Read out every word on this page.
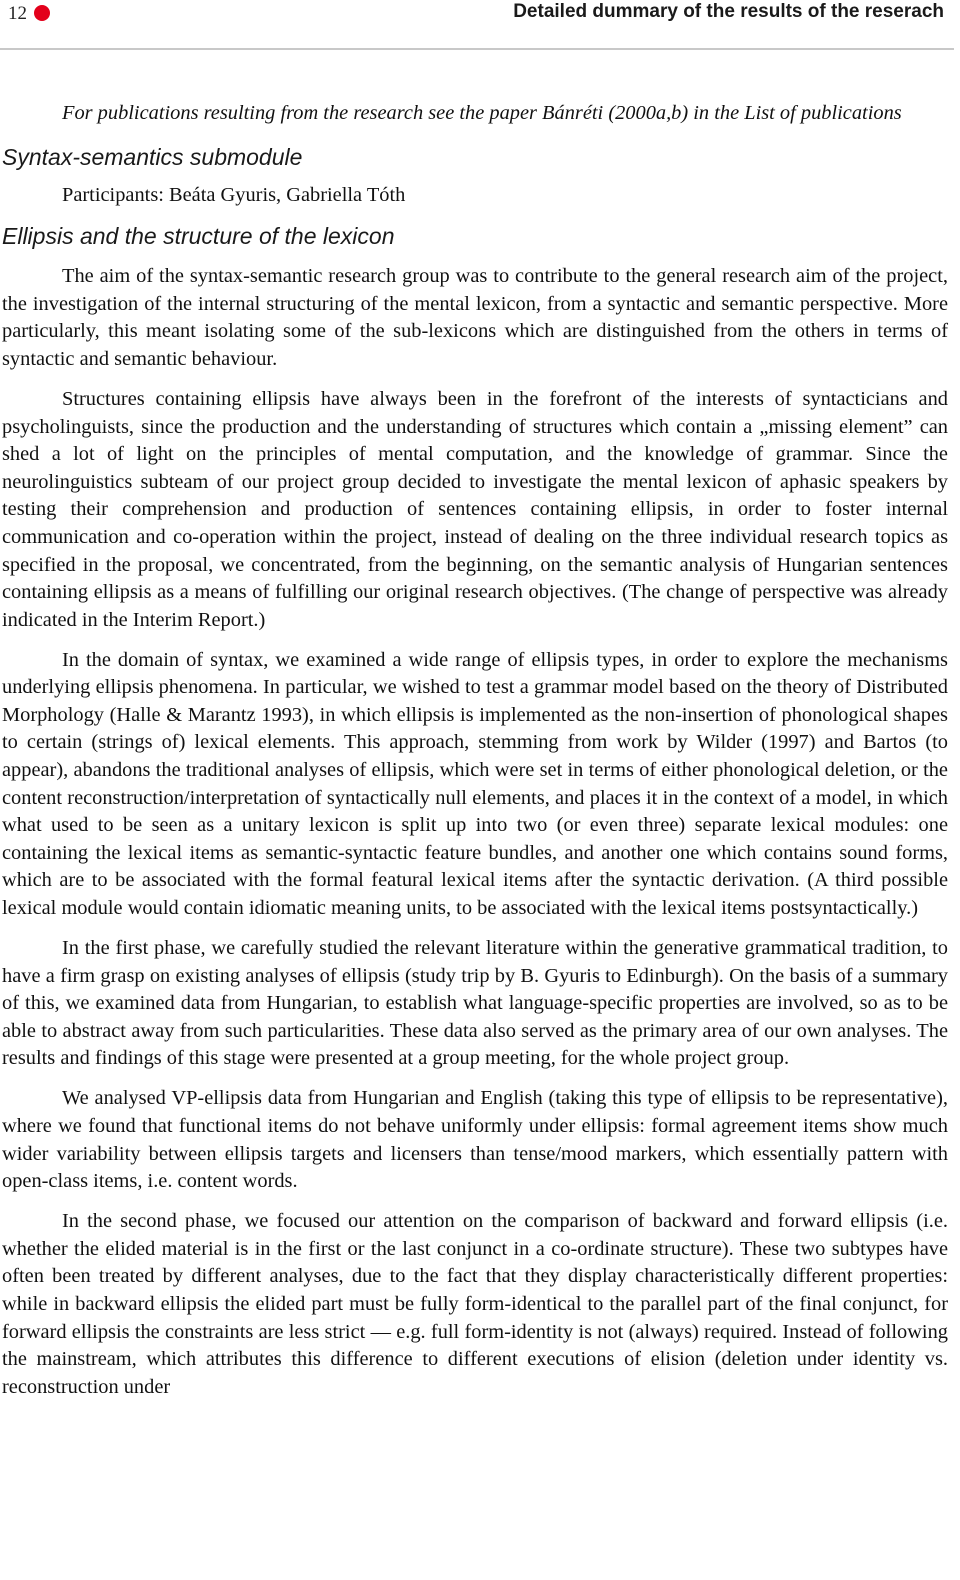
12	Detailed dummary of the results of the reserach

For publications resulting from the research see the paper Bánréti (2000a,b) in the List of publications

Syntax-semantics submodule

Participants: Beáta Gyuris, Gabriella Tóth

Ellipsis and the structure of the lexicon

The aim of the syntax-semantic research group was to contribute to the general research aim of the project, the investigation of the internal structuring of the mental lexicon, from a syntactic and semantic perspective. More particularly, this meant isolating some of the sub-lexicons which are distinguished from the others in terms of syntactic and semantic behaviour.

Structures containing ellipsis have always been in the forefront of the interests of syntacticians and psycholinguists, since the production and the understanding of structures which contain a „missing element” can shed a lot of light on the principles of mental computation, and the knowledge of grammar. Since the neurolinguistics subteam of our project group decided to investigate the mental lexicon of aphasic speakers by testing their comprehension and production of sentences containing ellipsis, in order to foster internal communication and co-operation within the project, instead of dealing on the three individual research topics as specified in the proposal, we concentrated, from the beginning, on the semantic analysis of Hungarian sentences containing ellipsis as a means of fulfilling our original research objectives. (The change of perspective was already indicated in the Interim Report.)

In the domain of syntax, we examined a wide range of ellipsis types, in order to explore the mechanisms underlying ellipsis phenomena. In particular, we wished to test a grammar model based on the theory of Distributed Morphology (Halle & Marantz 1993), in which ellipsis is implemented as the non-insertion of phonological shapes to certain (strings of) lexical elements. This approach, stemming from work by Wilder (1997) and Bartos (to appear), abandons the traditional analyses of ellipsis, which were set in terms of either phonological deletion, or the content reconstruction/interpretation of syntactically null elements, and places it in the context of a model, in which what used to be seen as a unitary lexicon is split up into two (or even three) separate lexical modules: one containing the lexical items as semantic-syntactic feature bundles, and another one which contains sound forms, which are to be associated with the formal featural lexical items after the syntactic derivation. (A third possible lexical module would contain idiomatic meaning units, to be associated with the lexical items postsyntactically.)

In the first phase, we carefully studied the relevant literature within the generative grammatical tradition, to have a firm grasp on existing analyses of ellipsis (study trip by B. Gyuris to Edinburgh). On the basis of a summary of this, we examined data from Hungarian, to establish what language-specific properties are involved, so as to be able to abstract away from such particularities. These data also served as the primary area of our own analyses. The results and findings of this stage were presented at a group meeting, for the whole project group.

We analysed VP-ellipsis data from Hungarian and English (taking this type of ellipsis to be representative), where we found that functional items do not behave uniformly under ellipsis: formal agreement items show much wider variability between ellipsis targets and licensers than tense/mood markers, which essentially pattern with open-class items, i.e. content words.

In the second phase, we focused our attention on the comparison of backward and forward ellipsis (i.e. whether the elided material is in the first or the last conjunct in a co-ordinate structure). These two subtypes have often been treated by different analyses, due to the fact that they display characteristically different properties: while in backward ellipsis the elided part must be fully form-identical to the parallel part of the final conjunct, for forward ellipsis the constraints are less strict — e.g. full form-identity is not (always) required. Instead of following the mainstream, which attributes this difference to different executions of elision (deletion under identity vs. reconstruction under
